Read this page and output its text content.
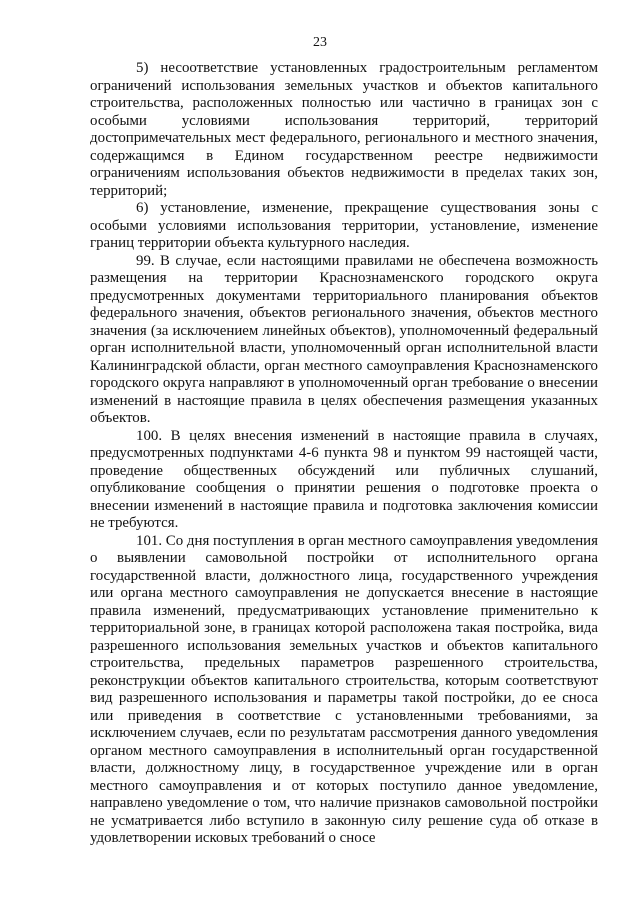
23

5) несоответствие установленных градостроительным регламентом ограничений использования земельных участков и объектов капитального строительства, расположенных полностью или частично в границах зон с особыми условиями использования территорий, территорий достопримечательных мест федерального, регионального и местного значения, содержащимся в Едином государственном реестре недвижимости ограничениям использования объектов недвижимости в пределах таких зон, территорий;

6) установление, изменение, прекращение существования зоны с особыми условиями использования территории, установление, изменение границ территории объекта культурного наследия.

99. В случае, если настоящими правилами не обеспечена возможность размещения на территории Краснознаменского городского округа предусмотренных документами территориального планирования объектов федерального значения, объектов регионального значения, объектов местного значения (за исключением линейных объектов), уполномоченный федеральный орган исполнительной власти, уполномоченный орган исполнительной власти Калининградской области, орган местного самоуправления Краснознаменского городского округа направляют в уполномоченный орган требование о внесении изменений в настоящие правила в целях обеспечения размещения указанных объектов.

100. В целях внесения изменений в настоящие правила в случаях, предусмотренных подпунктами 4-6 пункта 98 и пунктом 99 настоящей части, проведение общественных обсуждений или публичных слушаний, опубликование сообщения о принятии решения о подготовке проекта о внесении изменений в настоящие правила и подготовка заключения комиссии не требуются.

101. Со дня поступления в орган местного самоуправления уведомления о выявлении самовольной постройки от исполнительного органа государственной власти, должностного лица, государственного учреждения или органа местного самоуправления не допускается внесение в настоящие правила изменений, предусматривающих установление применительно к территориальной зоне, в границах которой расположена такая постройка, вида разрешенного использования земельных участков и объектов капитального строительства, предельных параметров разрешенного строительства, реконструкции объектов капитального строительства, которым соответствуют вид разрешенного использования и параметры такой постройки, до ее сноса или приведения в соответствие с установленными требованиями, за исключением случаев, если по результатам рассмотрения данного уведомления органом местного самоуправления в исполнительный орган государственной власти, должностному лицу, в государственное учреждение или в орган местного самоуправления и от которых поступило данное уведомление, направлено уведомление о том, что наличие признаков самовольной постройки не усматривается либо вступило в законную силу решение суда об отказе в удовлетворении исковых требований о сносе
